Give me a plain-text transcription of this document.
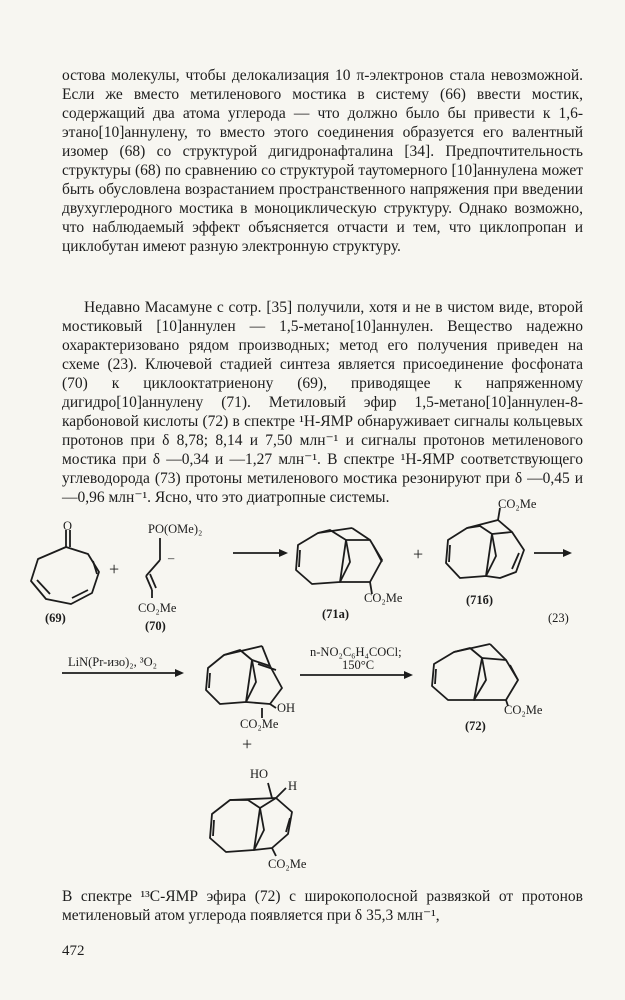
остова молекулы, чтобы делокализация 10 π-электронов стала невозможной. Если же вместо метиленового мостика в систему (66) ввести мостик, содержащий два атома углерода — что должно было бы привести к 1,6-этано[10]аннулену, то вместо этого соединения образуется его валентный изомер (68) со структурой дигидронафталина [34]. Предпочтительность структуры (68) по сравнению со структурой таутомерного [10]аннулена может быть обусловлена возрастанием пространственного напряжения при введении двухуглеродного мостика в моноциклическую структуру. Однако возможно, что наблюдаемый эффект объясняется отчасти и тем, что циклопропан и циклобутан имеют разную электронную структуру.

Недавно Масамуне с сотр. [35] получили, хотя и не в чистом виде, второй мостиковый [10]аннулен — 1,5-метано[10]аннулен. Вещество надежно охарактеризовано рядом производных; метод его получения приведен на схеме (23). Ключевой стадией синтеза является присоединение фосфоната (70) к циклооктатриенону (69), приводящее к напряженному дигидро[10]аннулену (71). Метиловый эфир 1,5-метано[10]аннулен-8-карбоновой кислоты (72) в спектре ¹H-ЯМР обнаруживает сигналы кольцевых протонов при δ 8,78; 8,14 и 7,50 млн⁻¹ и сигналы протонов метиленового мостика при δ —0,34 и —1,27 млн⁻¹. В спектре ¹H-ЯМР соответствующего углеводорода (73) протоны метиленового мостика резонируют при δ —0,45 и —0,96 млн⁻¹. Ясно, что это диатропные системы.

O
(69)
+
PO(OMe)₂
–
CO₂Me
(70)
CO₂Me
(71а)
+
CO₂Me
(71б)
(23)
LiN(Pr-изо)₂, ³O₂
OH
CO₂Me
n-NO₂C₆H₄COCl;
150°C
CO₂Me
(72)
+
HO
H
CO₂Me

В спектре ¹³C-ЯМР эфира (72) с широкополосной развязкой от протонов метиленовый атом углерода появляется при δ 35,3 млн⁻¹,

472
